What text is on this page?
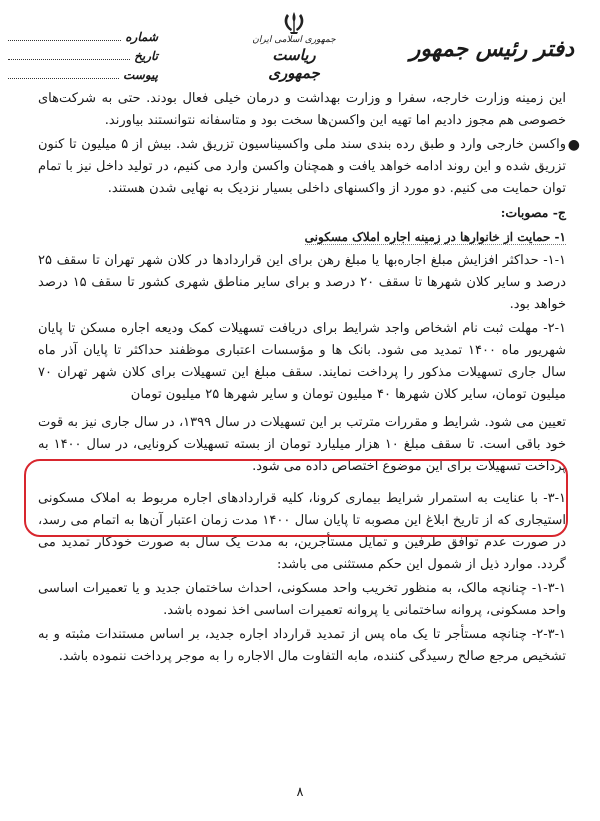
شماره
تاریخ
پیوست
جمهوری اسلامی ایران
ریاست جمهوری
دفتر رئیس جمهور

این زمینه وزارت خارجه، سفرا و وزارت بهداشت و درمان خیلی فعال بودند. حتی به شرکت‌های خصوصی هم مجوز دادیم اما تهیه این واکسن‌ها سخت بود و متاسفانه نتوانستند بیاورند.

●
واکسن خارجی وارد و طبق رده بندی سند ملی واکسیناسیون تزریق شد. بیش از ۵ میلیون تا کنون تزریق شده و این روند ادامه خواهد یافت و همچنان واکسن وارد می کنیم، در تولید داخل نیز با تمام توان حمایت می کنیم. دو مورد از واکسنهای داخلی بسیار نزدیک به نهایی شدن هستند.

ج- مصوبات:

۱- حمایت از خانوارها در زمینه اجاره املاک مسکونی

۱-۱- حداکثر افزایش مبلغ اجاره‌بها یا مبلغ رهن برای این قراردادها در کلان شهر تهران تا سقف ۲۵ درصد و سایر کلان شهرها تا سقف ۲۰ درصد و برای سایر مناطق شهری کشور تا سقف ۱۵ درصد خواهد بود.

۲-۱- مهلت ثبت نام اشخاص واجد شرایط برای دریافت تسهیلات کمک ودیعه اجاره مسکن تا پایان شهریور ماه ۱۴۰۰ تمدید می شود. بانک ها و مؤسسات اعتباری موظفند حداکثر تا پایان آذر ماه سال جاری تسهیلات مذکور را پرداخت نمایند. سقف مبلغ این تسهیلات برای کلان شهر تهران ۷۰ میلیون تومان، سایر کلان شهرها ۴۰ میلیون تومان و سایر شهرها ۲۵ میلیون تومان

تعیین می شود. شرایط و مقررات مترتب بر این تسهیلات در سال ۱۳۹۹، در سال جاری نیز به قوت خود باقی است. تا سقف مبلغ ۱۰ هزار میلیارد تومان از بسته تسهیلات کرونایی، در سال ۱۴۰۰ به پرداخت تسهیلات برای این موضوع اختصاص داده می شود.

۳-۱- با عنایت به استمرار شرایط بیماری کرونا، کلیه قراردادهای اجاره مربوط به املاک مسکونی استیجاری که از تاریخ ابلاغ این مصوبه تا پایان سال ۱۴۰۰ مدت زمان اعتبار آن‌ها به اتمام می رسد، در صورت عدم توافق طرفین و تمایل مستأجرین، به مدت یک سال به صورت خودکار تمدید می گردد. موارد ذیل از شمول این حکم مستثنی می باشد:

۱-۳-۱- چنانچه مالک، به منظور تخریب واحد مسکونی، احداث ساختمان جدید و یا تعمیرات اساسی واحد مسکونی، پروانه ساختمانی یا پروانه تعمیرات اساسی اخذ نموده باشد.

۲-۳-۱- چنانچه مستأجر تا یک ماه پس از تمدید قرارداد اجاره جدید، بر اساس مستندات مثبته و به تشخیص مرجع صالح رسیدگی کننده، مابه التفاوت مال الاجاره را به موجر پرداخت ننموده باشد.

۸
